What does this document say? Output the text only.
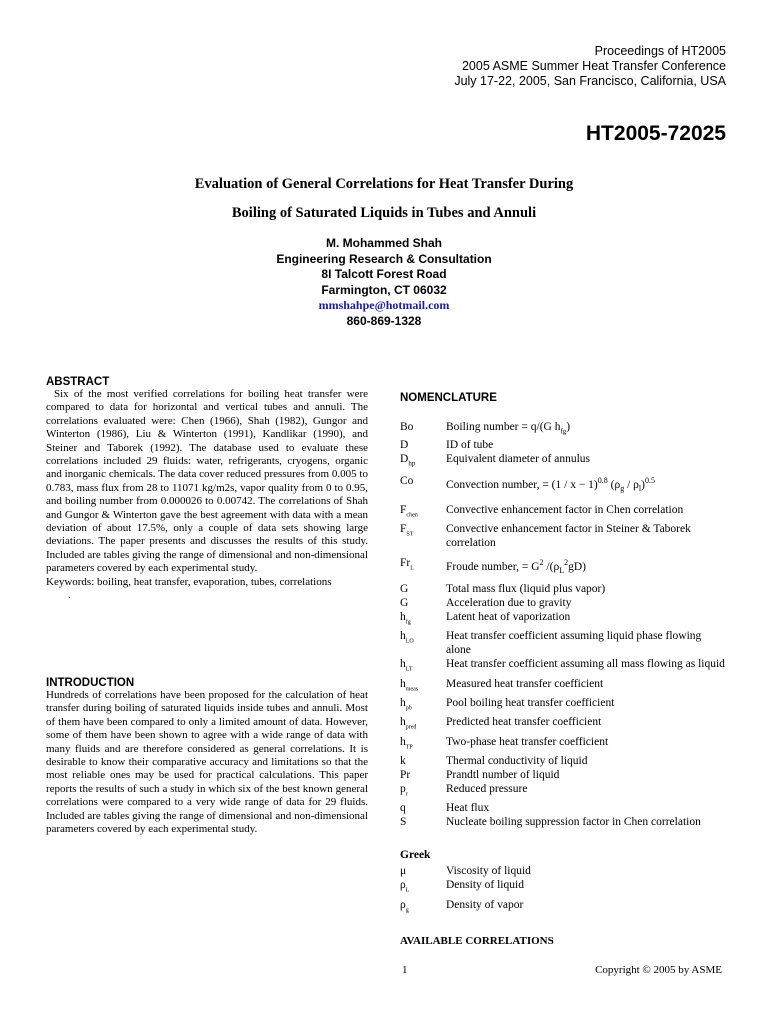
Proceedings of HT2005
2005 ASME Summer Heat Transfer Conference
July 17-22, 2005, San Francisco, California, USA
HT2005-72025
Evaluation of General Correlations for Heat Transfer During
Boiling of Saturated Liquids in Tubes and Annuli
M. Mohammed Shah
Engineering Research & Consultation
8I Talcott Forest Road
Farmington, CT 06032
mmshahpe@hotmail.com
860-869-1328
ABSTRACT

Six of the most verified correlations for boiling heat transfer were compared to data for horizontal and vertical tubes and annuli. The correlations evaluated were: Chen (1966), Shah (1982), Gungor and Winterton (1986), Liu & Winterton (1991), Kandlikar (1990), and Steiner and Taborek (1992). The database used to evaluate these correlations included 29 fluids: water, refrigerants, cryogens, organic and inorganic chemicals. The data cover reduced pressures from 0.005 to 0.783, mass flux from 28 to 11071 kg/m2s, vapor quality from 0 to 0.95, and boiling number from 0.000026 to 0.00742. The correlations of Shah and Gungor & Winterton gave the best agreement with data with a mean deviation of about 17.5%, only a couple of data sets showing large deviations. The paper presents and discusses the results of this study. Included are tables giving the range of dimensional and non-dimensional parameters covered by each experimental study.

Keywords: boiling, heat transfer, evaporation, tubes, correlations

.
INTRODUCTION

Hundreds of correlations have been proposed for the calculation of heat transfer during boiling of saturated liquids inside tubes and annuli. Most of them have been compared to only a limited amount of data. However, some of them have been shown to agree with a wide range of data with many fluids and are therefore considered as general correlations. It is desirable to know their comparative accuracy and limitations so that the most reliable ones may be used for practical calculations. This paper reports the results of such a study in which six of the best known general correlations were compared to a very wide range of data for 29 fluids. Included are tables giving the range of dimensional and non-dimensional parameters covered by each experimental study.

NOMENCLATURE
Bo	Boiling number = q/(G $h_{fg}$)
D	ID of tube
$D_{hp}$	Equivalent diameter of annulus
Co	Convection number, = $(1 / x - 1)^{0.8}$ $(\rho_g / \rho_l)^{0.5}$
$F_{chen}$	Convective enhancement factor in Chen correlation
$F_{ST}$	Convective enhancement factor in Steiner & Taborek correlation
$Fr_L$	Froude number, = $G^2$ $/(\rho_L^2gD)$
G	Total mass flux (liquid plus vapor)
G	Acceleration due to gravity
$h_{fg}$	Latent heat of vaporization
$h_{LO}$	Heat transfer coefficient assuming liquid phase flowing alone
$h_{LT}$	Heat transfer coefficient assuming all mass flowing as liquid
$h_{meas}$	Measured heat transfer coefficient
$h_{pb}$	Pool boiling heat transfer coefficient
$h_{pred}$	Predicted heat transfer coefficient
$h_{TP}$	Two-phase heat transfer coefficient
k	Thermal conductivity of liquid
Pr	Prandtl number of liquid
$p_r$	Reduced pressure
q	Heat flux
S	Nucleate boiling suppression factor in Chen correlation
Greek
μ	Viscosity of liquid
$\rho_L$	Density of liquid
$\rho_g$	Density of vapor
AVAILABLE CORRELATIONS
1	Copyright © 2005 by ASME
